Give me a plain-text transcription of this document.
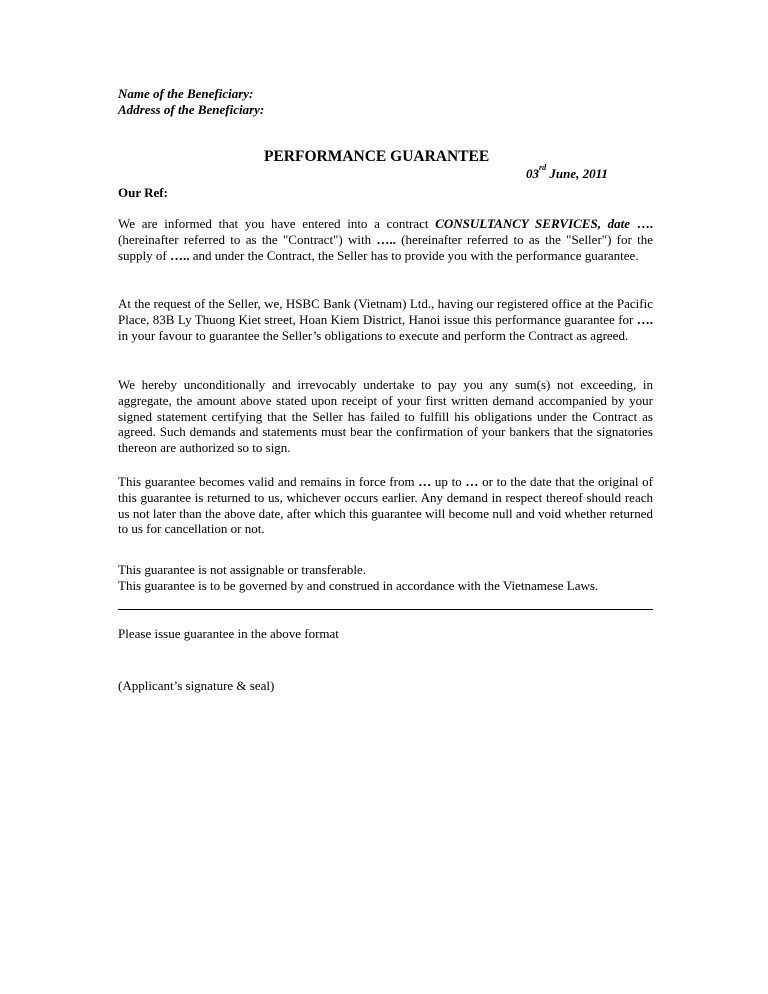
Name of the Beneficiary:
Address of the Beneficiary:
PERFORMANCE GUARANTEE
03rd June, 2011
Our Ref:
We are informed that you have entered into a contract CONSULTANCY SERVICES, date …. (hereinafter referred to as the "Contract") with ….. (hereinafter referred to as the "Seller") for the supply of ….. and under the Contract, the Seller has to provide you with the performance guarantee.
At the request of the Seller, we, HSBC Bank (Vietnam) Ltd., having our registered office at the Pacific Place, 83B Ly Thuong Kiet street, Hoan Kiem District, Hanoi issue this performance guarantee for …. in your favour to guarantee the Seller’s obligations to execute and perform the Contract as agreed.
We hereby unconditionally and irrevocably undertake to pay you any sum(s) not exceeding, in aggregate, the amount above stated upon receipt of your first written demand accompanied by your signed statement certifying that the Seller has failed to fulfill his obligations under the Contract as agreed. Such demands and statements must bear the confirmation of your bankers that the signatories thereon are authorized so to sign.
This guarantee becomes valid and remains in force from … up to … or to the date that the original of this guarantee is returned to us, whichever occurs earlier. Any demand in respect thereof should reach us not later than the above date, after which this guarantee will become null and void whether returned to us for cancellation or not.
This guarantee is not assignable or transferable.
This guarantee is to be governed by and construed in accordance with the Vietnamese Laws.
Please issue guarantee in the above format
(Applicant’s signature & seal)
